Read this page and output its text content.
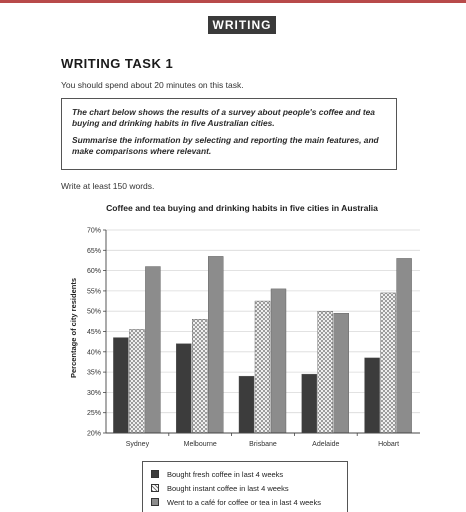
WRITING
WRITING TASK 1
You should spend about 20 minutes on this task.

The chart below shows the results of a survey about people's coffee and tea buying and drinking habits in five Australian cities.

Summarise the information by selecting and reporting the main features, and make comparisons where relevant.

Write at least 150 words.
Coffee and tea buying and drinking habits in five cities in Australia
Percentage of city residents
20%
25%
30%
35%
40%
45%
50%
55%
60%
65%
70%
Sydney	Melbourne	Brisbane	Adelaide	Hobart
Bought fresh coffee in last 4 weeks
Bought instant coffee in last 4 weeks
Went to a café for coffee or tea in last 4 weeks
